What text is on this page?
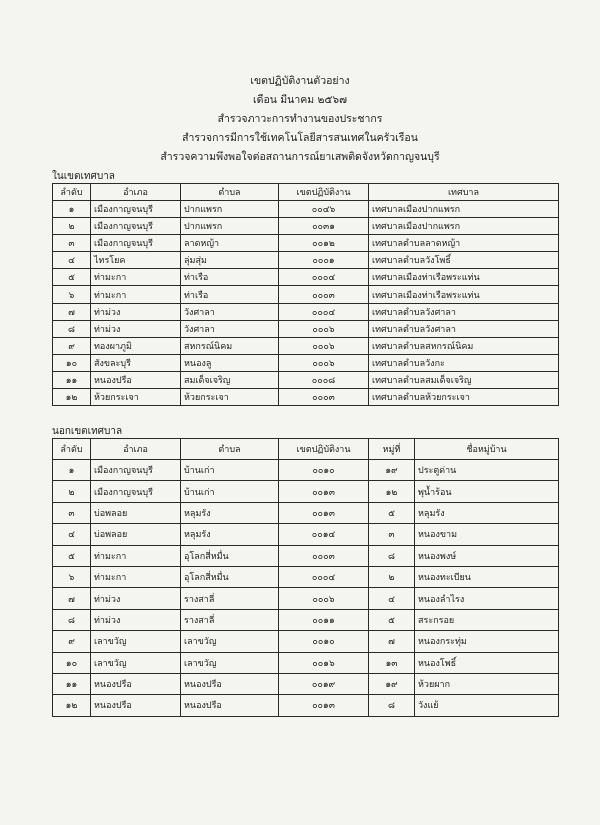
เขตปฏิบัติงานตัวอย่าง
เดือน มีนาคม ๒๕๖๗
สำรวจภาวะการทำงานของประชากร
สำรวจการมีการใช้เทคโนโลยีสารสนเทศในครัวเรือน
สำรวจความพึงพอใจต่อสถานการณ์ยาเสพติดจังหวัดกาญจนบุรี
ในเขตเทศบาล
ลำดับ	อำเภอ	ตำบล	เขตปฏิบัติงาน	เทศบาล
๑	เมืองกาญจนบุรี	ปากแพรก	๐๐๔๖	เทศบาลเมืองปากแพรก
๒	เมืองกาญจนบุรี	ปากแพรก	๐๐๓๑	เทศบาลเมืองปากแพรก
๓	เมืองกาญจนบุรี	ลาดหญ้า	๐๐๑๒	เทศบาลตำบลลาดหญ้า
๔	ไทรโยค	ลุ่มสุ่ม	๐๐๐๑	เทศบาลตำบลวังโพธิ์
๕	ท่ามะกา	ท่าเรือ	๐๐๐๔	เทศบาลเมืองท่าเรือพระแท่น
๖	ท่ามะกา	ท่าเรือ	๐๐๐๓	เทศบาลเมืองท่าเรือพระแท่น
๗	ท่าม่วง	วังศาลา	๐๐๐๔	เทศบาลตำบลวังศาลา
๘	ท่าม่วง	วังศาลา	๐๐๐๖	เทศบาลตำบลวังศาลา
๙	ทองผาภูมิ	สหกรณ์นิคม	๐๐๐๖	เทศบาลตำบลสหกรณ์นิคม
๑๐	สังขละบุรี	หนองลู	๐๐๐๖	เทศบาลตำบลวังกะ
๑๑	หนองปรือ	สมเด็จเจริญ	๐๐๐๘	เทศบาลตำบลสมเด็จเจริญ
๑๒	ห้วยกระเจา	ห้วยกระเจา	๐๐๐๓	เทศบาลตำบลห้วยกระเจา
นอกเขตเทศบาล
ลำดับ	อำเภอ	ตำบล	เขตปฏิบัติงาน	หมู่ที่	ชื่อหมู่บ้าน
๑	เมืองกาญจนบุรี	บ้านเก่า	๐๐๑๐	๑๙	ประตูด่าน
๒	เมืองกาญจนบุรี	บ้านเก่า	๐๐๑๓	๑๒	พุน้ำร้อน
๓	บ่อพลอย	หลุมรัง	๐๐๑๓	๕	หลุมรัง
๔	บ่อพลอย	หลุมรัง	๐๐๑๔	๓	หนองขาม
๕	ท่ามะกา	อุโลกสี่หมื่น	๐๐๐๓	๘	หนองพงษ์
๖	ท่ามะกา	อุโลกสี่หมื่น	๐๐๐๔	๒	หนองทะเบียน
๗	ท่าม่วง	รางสาลี่	๐๐๐๖	๔	หนองลำไรง
๘	ท่าม่วง	รางสาลี่	๐๐๑๑	๕	สระกรอย
๙	เลาขวัญ	เลาขวัญ	๐๐๑๐	๗	หนองกระทุ่ม
๑๐	เลาขวัญ	เลาขวัญ	๐๐๑๖	๑๓	หนองโพธิ์
๑๑	หนองปรือ	หนองปรือ	๐๐๑๙	๑๙	ห้วยผาก
๑๒	หนองปรือ	หนองปรือ	๐๐๑๓	๘	วังแย้
